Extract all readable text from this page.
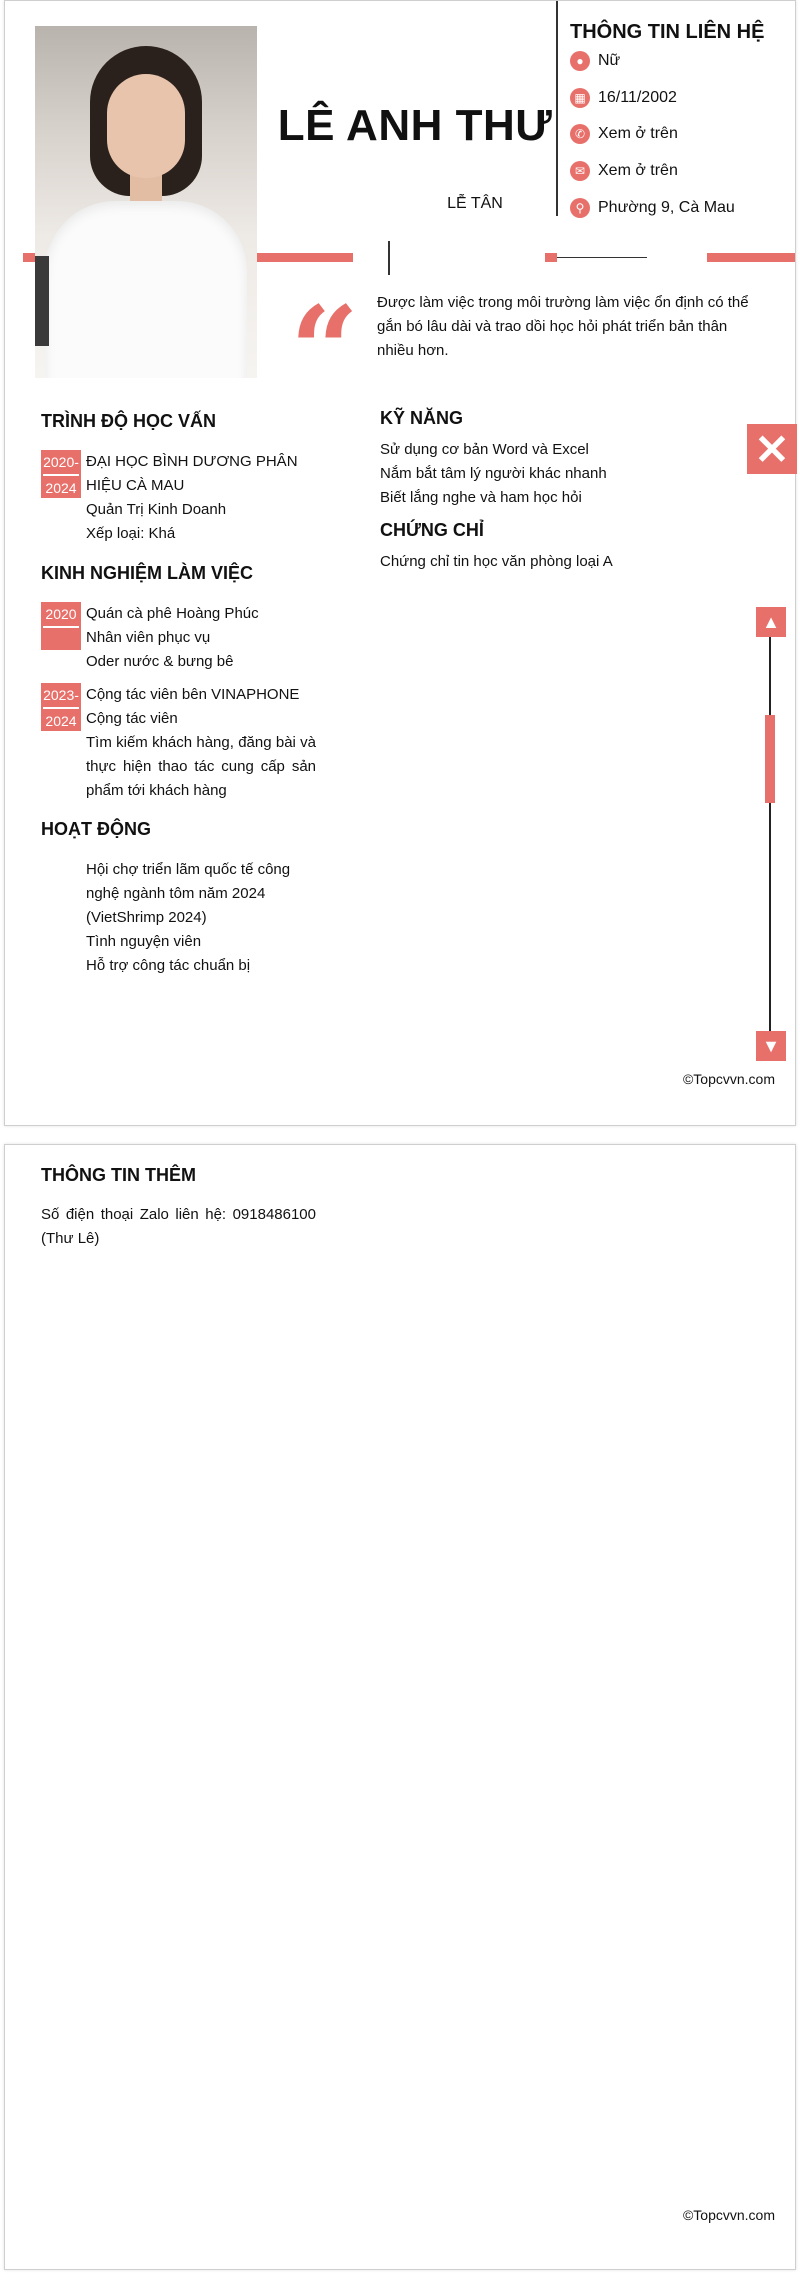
LÊ ANH THƯ
LỄ TÂN
THÔNG TIN LIÊN HỆ
● Nữ
▦ 16/11/2002
✆ Xem ở trên
✉ Xem ở trên
⚲ Phường 9, Cà Mau
“ Được làm việc trong môi trường làm việc ổn định có thể gắn bó lâu dài và trao dồi học hỏi phát triển bản thân nhiều hơn.
TRÌNH ĐỘ HỌC VẤN
2020-
2024
ĐẠI HỌC BÌNH DƯƠNG PHÂN HIỆU CÀ MAU
Quản Trị Kinh Doanh
Xếp loại: Khá
KINH NGHIỆM LÀM VIỆC
2020 Quán cà phê Hoàng Phúc
Nhân viên phục vụ
Oder nước & bưng bê
2023-
2024
Cộng tác viên bên VINAPHONE
Cộng tác viên
Tìm kiếm khách hàng, đăng bài và thực hiện thao tác cung cấp sản phẩm tới khách hàng
HOẠT ĐỘNG
Hội chợ triển lãm quốc tế công nghệ ngành tôm năm 2024 (VietShrimp 2024)
Tình nguyện viên
Hỗ trợ công tác chuẩn bị
KỸ NĂNG
Sử dụng cơ bản Word và Excel
Nắm bắt tâm lý người khác nhanh
Biết lắng nghe và ham học hỏi
CHỨNG CHỈ
Chứng chỉ tin học văn phòng loại A
✕
▲
▼
©Topcvvn.com
THÔNG TIN THÊM
Số điện thoại Zalo liên hệ: 0918486100 (Thư Lê)
©Topcvvn.com
